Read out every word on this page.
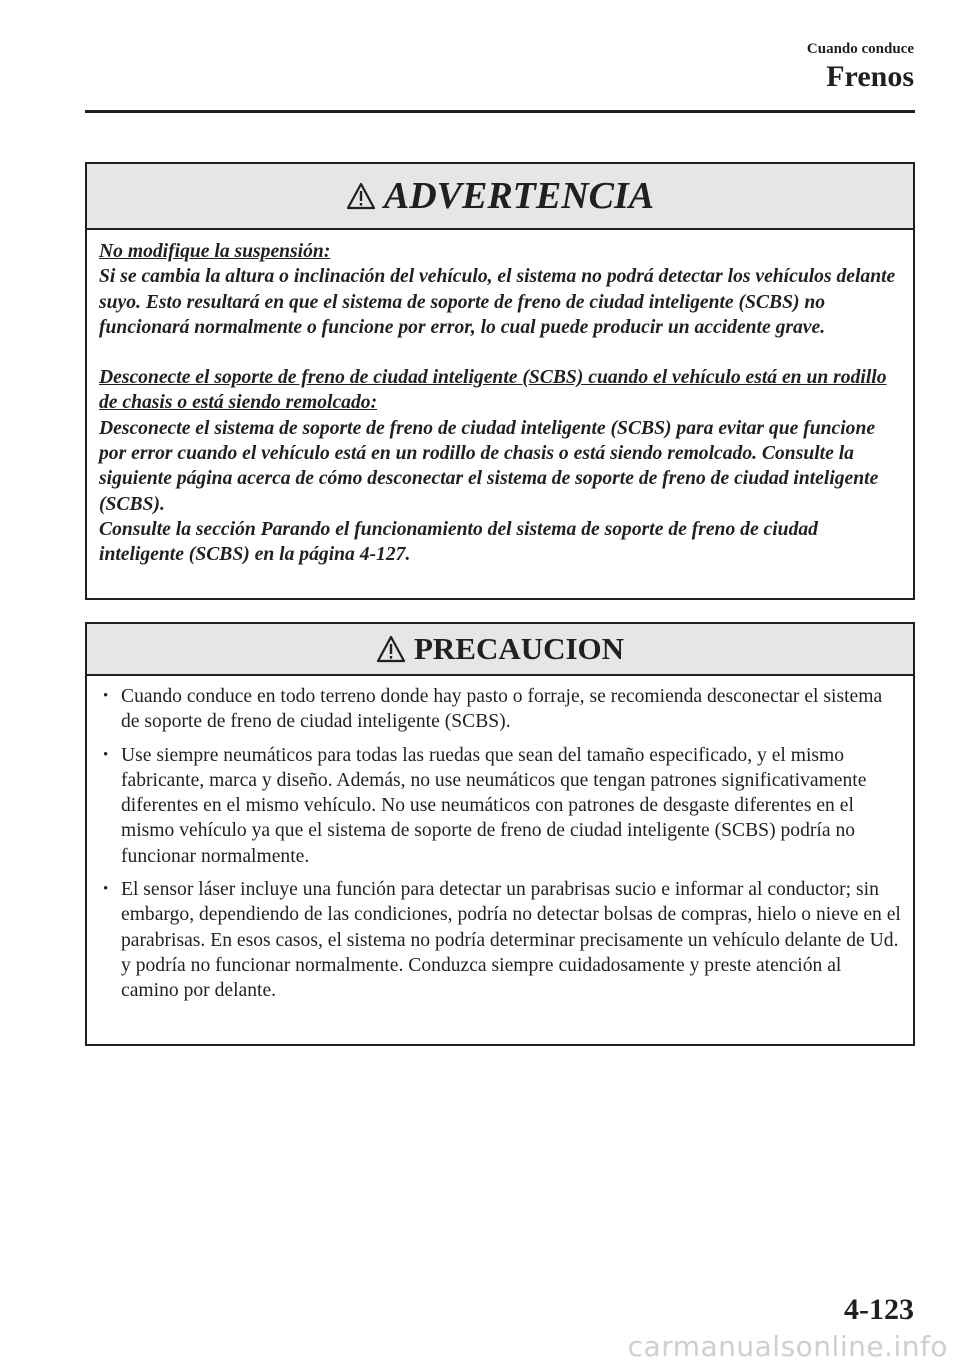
Cuando conduce
Frenos
ADVERTENCIA

No modifique la suspensión:

Si se cambia la altura o inclinación del vehículo, el sistema no podrá detectar los vehículos delante suyo. Esto resultará en que el sistema de soporte de freno de ciudad inteligente (SCBS) no funcionará normalmente o funcione por error, lo cual puede producir un accidente grave.

Desconecte el soporte de freno de ciudad inteligente (SCBS) cuando el vehículo está en un rodillo de chasis o está siendo remolcado:

Desconecte el sistema de soporte de freno de ciudad inteligente (SCBS) para evitar que funcione por error cuando el vehículo está en un rodillo de chasis o está siendo remolcado. Consulte la siguiente página acerca de cómo desconectar el sistema de soporte de freno de ciudad inteligente (SCBS).

Consulte la sección Parando el funcionamiento del sistema de soporte de freno de ciudad inteligente (SCBS) en la página 4-127.

PRECAUCION
• Cuando conduce en todo terreno donde hay pasto o forraje, se recomienda desconectar el sistema de soporte de freno de ciudad inteligente (SCBS).
• Use siempre neumáticos para todas las ruedas que sean del tamaño especificado, y el mismo fabricante, marca y diseño. Además, no use neumáticos que tengan patrones significativamente diferentes en el mismo vehículo. No use neumáticos con patrones de desgaste diferentes en el mismo vehículo ya que el sistema de soporte de freno de ciudad inteligente (SCBS) podría no funcionar normalmente.
• El sensor láser incluye una función para detectar un parabrisas sucio e informar al conductor; sin embargo, dependiendo de las condiciones, podría no detectar bolsas de compras, hielo o nieve en el parabrisas. En esos casos, el sistema no podría determinar precisamente un vehículo delante de Ud. y podría no funcionar normalmente. Conduzca siempre cuidadosamente y preste atención al camino por delante.
4-123
carmanualsonline.info
